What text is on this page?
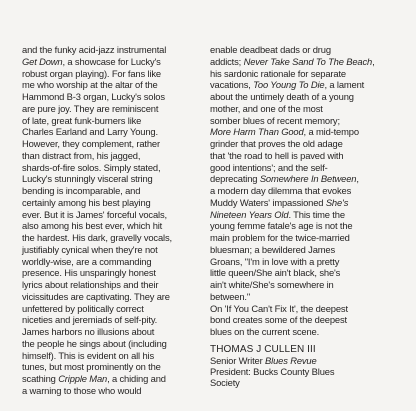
and the funky acid-jazz instrumental
Get Down, a showcase for Lucky's
robust organ playing). For fans like
me who worship at the altar of the
Hammond B-3 organ, Lucky's solos
are pure joy. They are reminiscent
of late, great funk-burners like
Charles Earland and Larry Young.
However, they complement, rather
than distract from, his jagged,
shards-of-fire solos. Simply stated,
Lucky's stunningly visceral string
bending is incomparable, and
certainly among his best playing
ever. But it is James' forceful vocals,
also among his best ever, which hit
the hardest. His dark, gravelly vocals,
justifiably cynical when they're not
worldly-wise, are a commanding
presence. His unsparingly honest
lyrics about relationships and their
vicissitudes are captivating. They are
unfettered by politically correct
niceties and jeremiads of self-pity.
James harbors no illusions about
the people he sings about (including
himself). This is evident on all his
tunes, but most prominently on the
scathing Cripple Man, a chiding and
a warning to those who would
enable deadbeat dads or drug
addicts; Never Take Sand To The Beach,
his sardonic rationale for separate
vacations, Too Young To Die, a lament
about the untimely death of a young
mother, and one of the most
somber blues of recent memory;
More Harm Than Good, a mid-tempo
grinder that proves the old adage
that 'the road to hell is paved with
good intentions'; and the self-
deprecating Somewhere In Between,
a modern day dilemma that evokes
Muddy Waters' impassioned She's
Nineteen Years Old. This time the
young femme fatale's age is not the
main problem for the twice-married
bluesman; a bewildered James
Groans, "I'm in love with a pretty
little queen/She ain't black, she's
ain't white/She's somewhere in
between."
On 'If You Can't Fix It', the deepest
bond creates some of the deepest
blues on the current scene.
THOMAS J CULLEN III
Senior Writer Blues Revue
President: Bucks County Blues
Society
